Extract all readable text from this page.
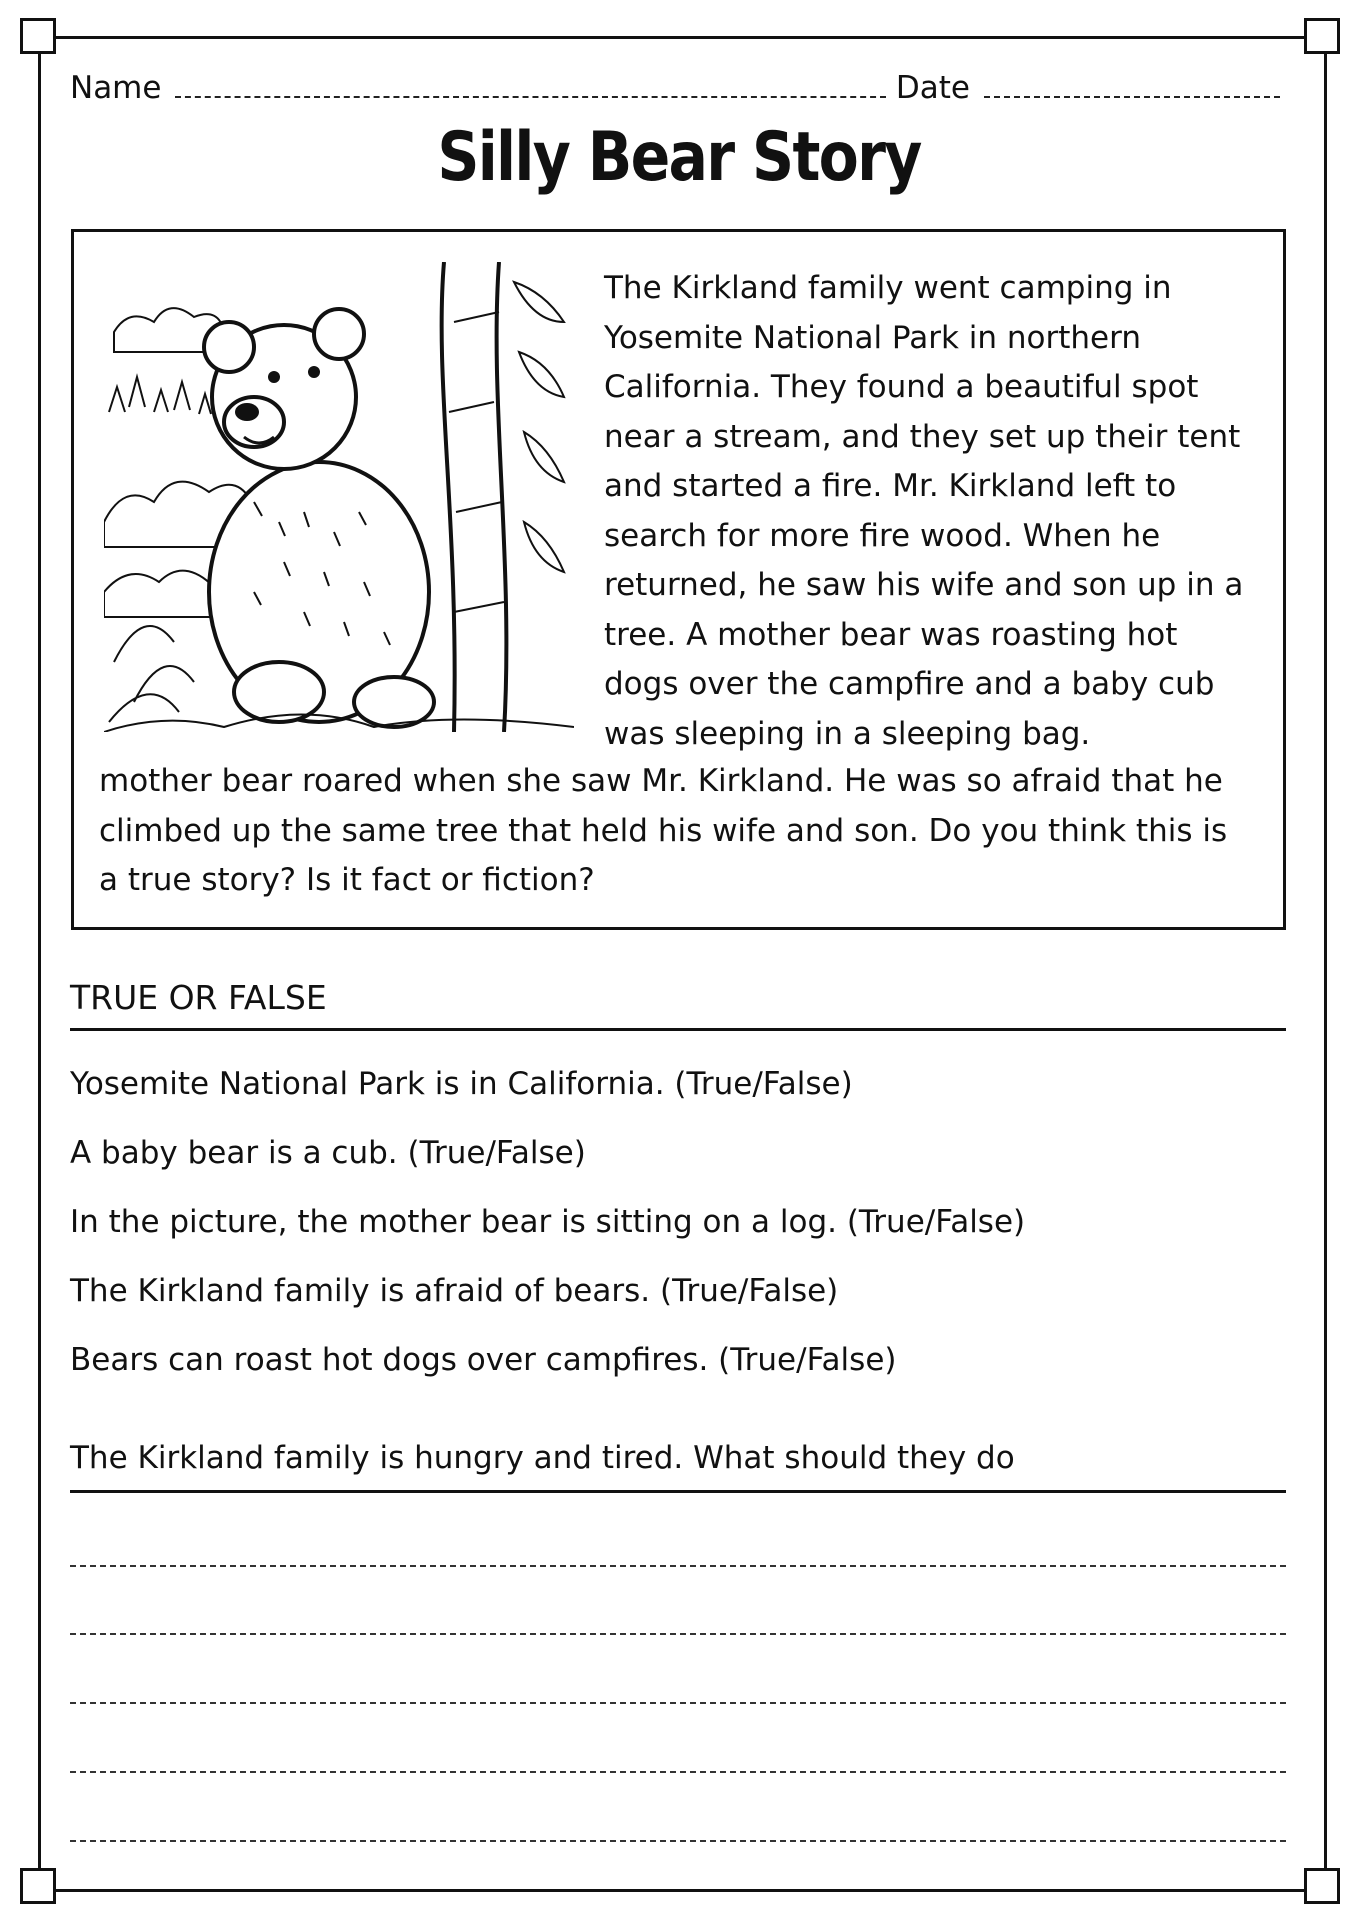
Name	Date
Silly Bear Story
The Kirkland family went camping in
Yosemite National Park in northern
California. They found a beautiful spot
near a stream, and they set up their tent
and started a fire. Mr. Kirkland left to
search for more fire wood. When he
returned, he saw his wife and son up in a
tree. A mother bear was roasting hot
dogs over the campfire and a baby cub
was sleeping in a sleeping bag.
mother bear roared when she saw Mr. Kirkland. He was so afraid that he
climbed up the same tree that held his wife and son. Do you think this is
a true story? Is it fact or fiction?
TRUE OR FALSE
Yosemite National Park is in California. (True/False)
A baby bear is a cub. (True/False)
In the picture, the mother bear is sitting on a log. (True/False)
The Kirkland family is afraid of bears. (True/False)
Bears can roast hot dogs over campfires. (True/False)
The Kirkland family is hungry and tired. What should they do
